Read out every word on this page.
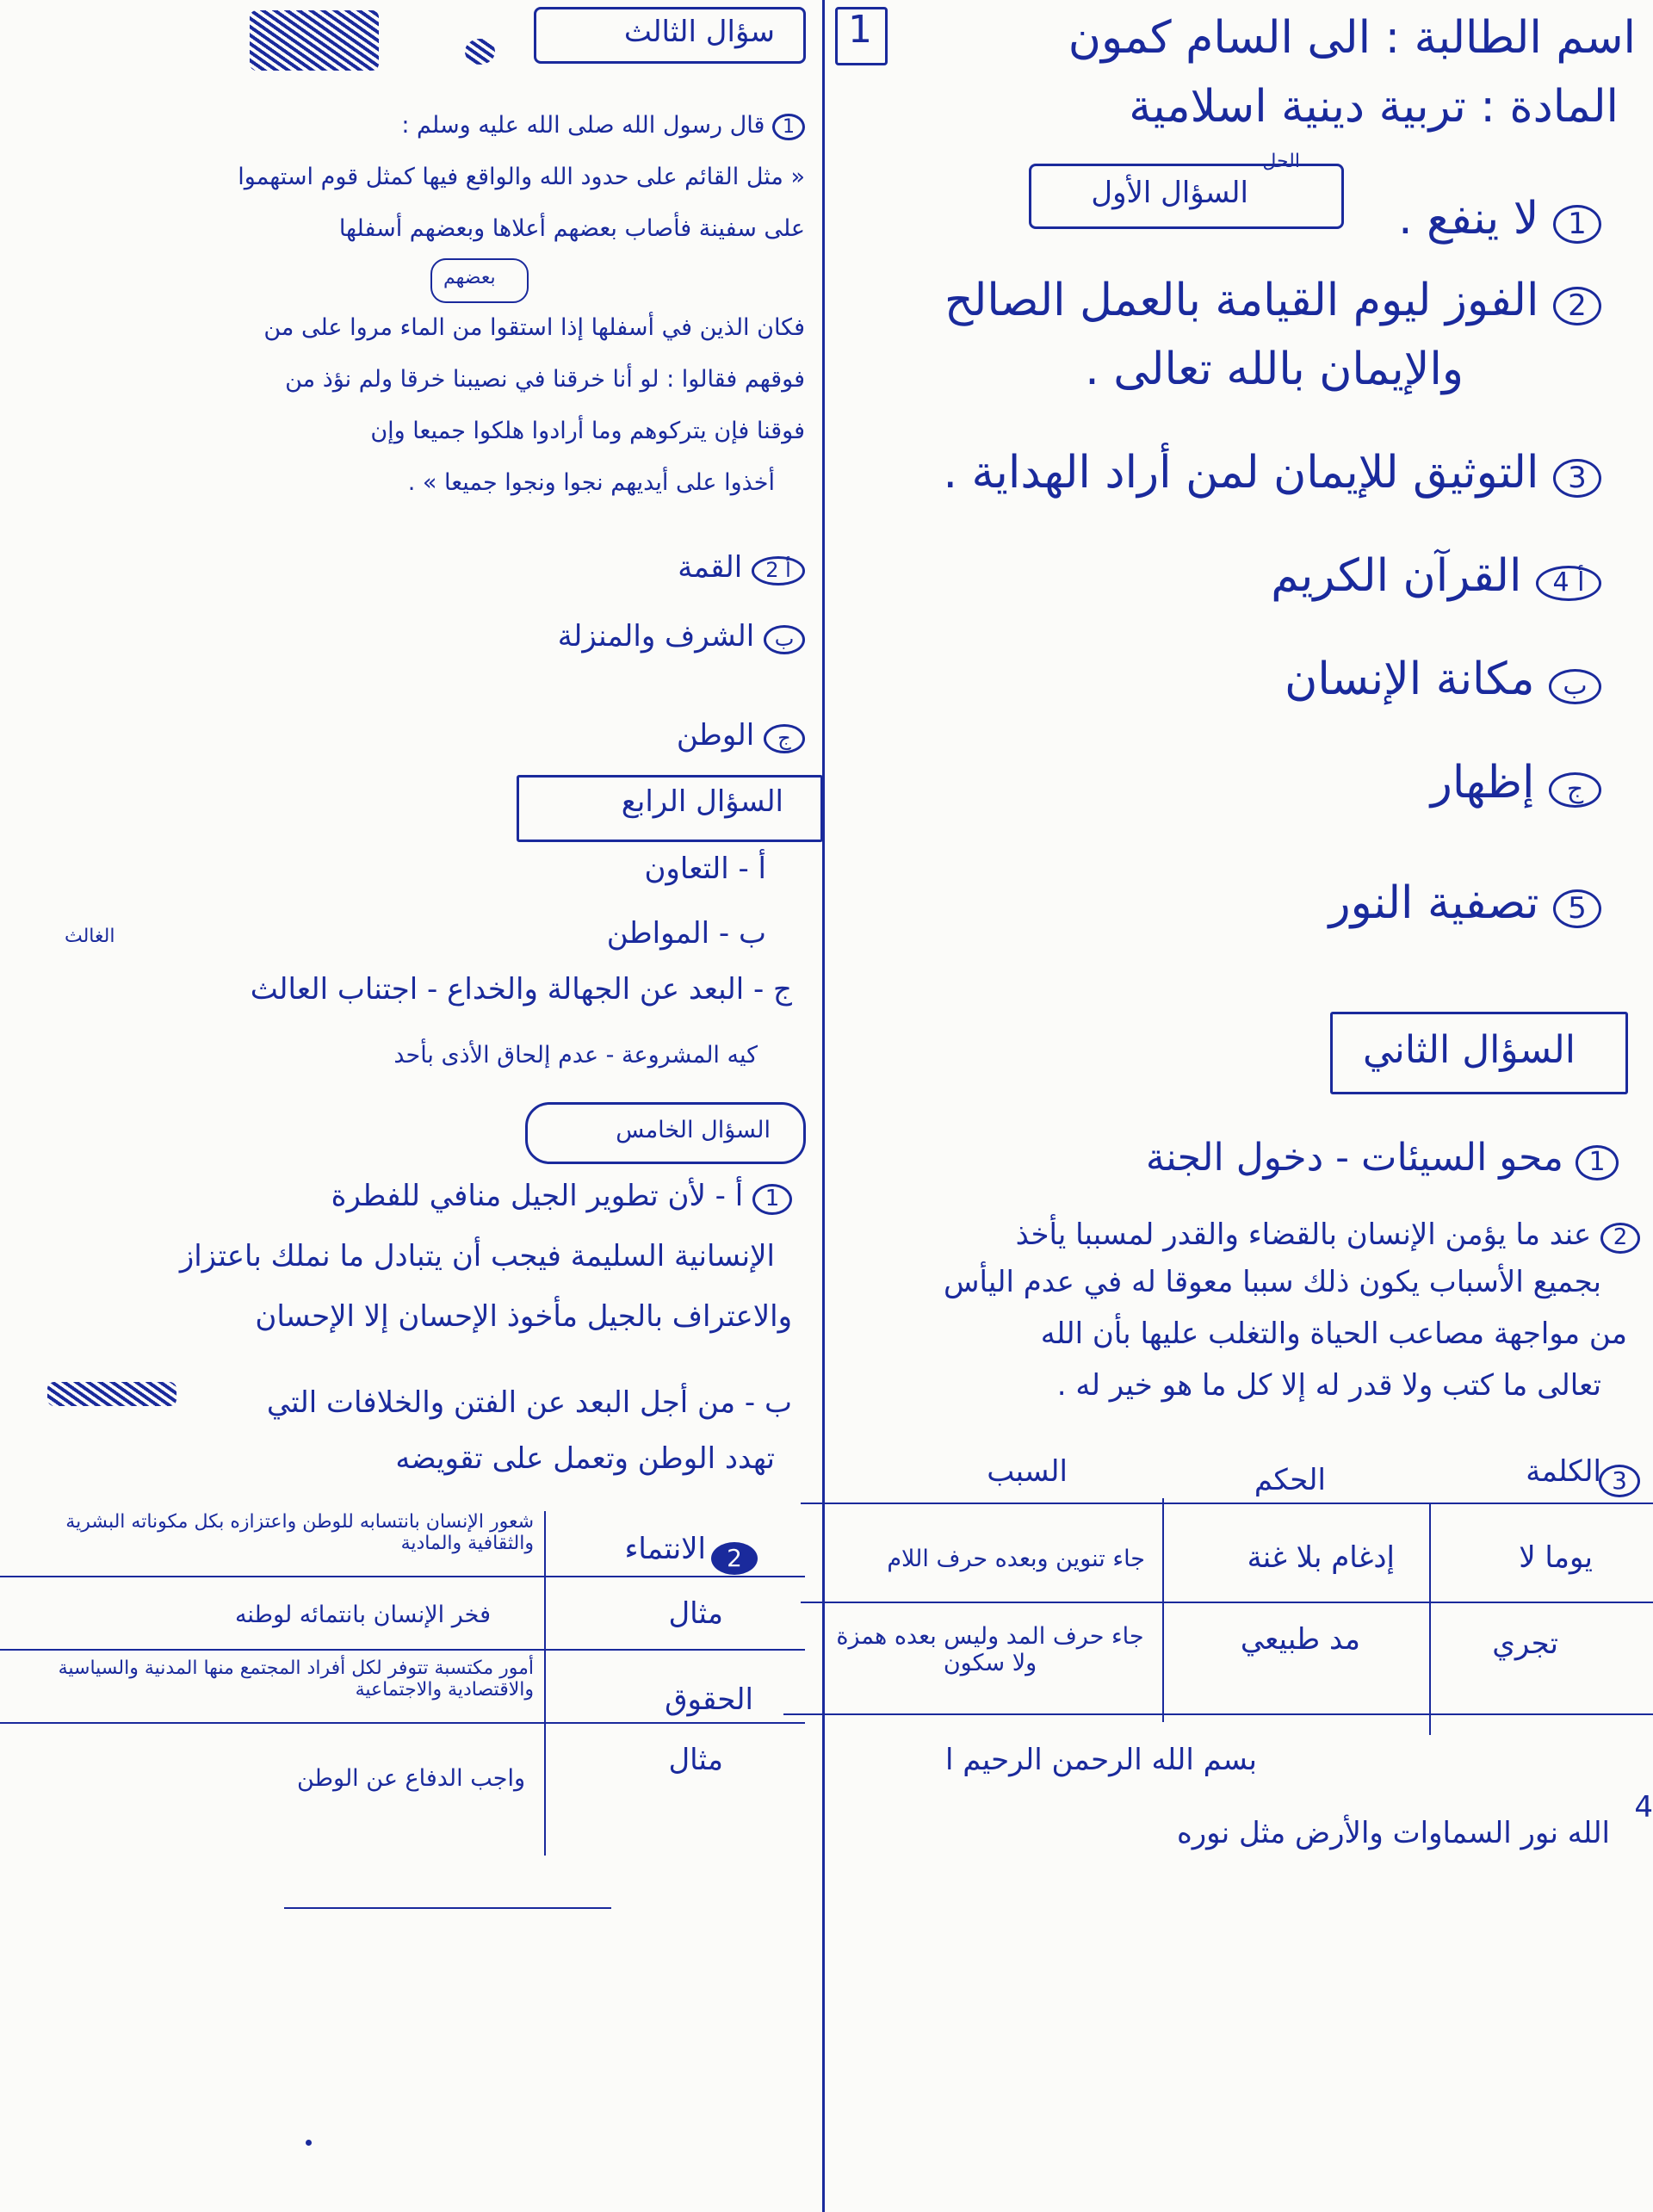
سؤال الثالث 1	اسم الطالبة : الى السام كمون
المادة : تربية دينية اسلامية
السؤال الأول
الحل
1 لا ينفع .
2 الفوز ليوم القيامة بالعمل الصالح
والإيمان بالله تعالى .
3 التوثيق للإيمان لمن أراد الهداية .
4 أ القرآن الكريم
ب مكانة الإنسان
ج إظهار
5 تصفية النور
السؤال الثاني
1 محو السيئات - دخول الجنة
2 عند ما يؤمن الإنسان بالقضاء والقدر لمسببا يأخذ
بجميع الأسباب يكون ذلك سببا معوقا له في عدم اليأس
من مواجهة مصاعب الحياة والتغلب عليها بأن الله
تعالى ما كتب ولا قدر له إلا كل ما هو خير له .
3
الكلمة
الحكم
السبب
يوما لا
إدغام بلا غنة
جاء تنوين وبعده حرف اللام
تجري
مد طبيعي
جاء حرف المد وليس بعده همزة ولا سكون
بسم الله الرحمن الرحيم ا
الله نور السماوات والأرض مثل نوره
4
1 قال رسول الله صلى الله عليه وسلم :
« مثل القائم على حدود الله والواقع فيها كمثل قوم استهموا
على سفينة فأصاب بعضهم أعلاها وبعضهم أسفلها
بعضهم
فكان الذين في أسفلها إذا استقوا من الماء مروا على من
فوقهم فقالوا : لو أنا خرقنا في نصيبنا خرقا ولم نؤذ من
فوقنا فإن يتركوهم وما أرادوا هلكوا جميعا وإن
أخذوا على أيديهم نجوا ونجوا جميعا » .
2 أ القمة
ب الشرف والمنزلة
ج الوطن
السؤال الرابع
أ - التعاون
ب - المواطن
الغالث
ج - البعد عن الجهالة والخداع - اجتناب العالث
كيه المشروعة - عدم إلحاق الأذى بأحد
السؤال الخامس
1 أ - لأن تطوير الجيل منافي للفطرة
الإنسانية السليمة فيجب أن يتبادل ما نملك باعتزاز
والاعتراف بالجيل مأخوذ الإحسان إلا الإحسان
ب - من أجل البعد عن الفتن والخلافات التي
تهدد الوطن وتعمل على تقويضه
2
الانتماء
شعور الإنسان بانتسابه للوطن واعتزازه بكل مكوناته البشرية والثقافية والمادية
مثال
فخر الإنسان بانتمائه لوطنه
الحقوق
أمور مكتسبة تتوفر لكل أفراد المجتمع منها المدنية والسياسية والاقتصادية والاجتماعية
مثال
واجب الدفاع عن الوطن
